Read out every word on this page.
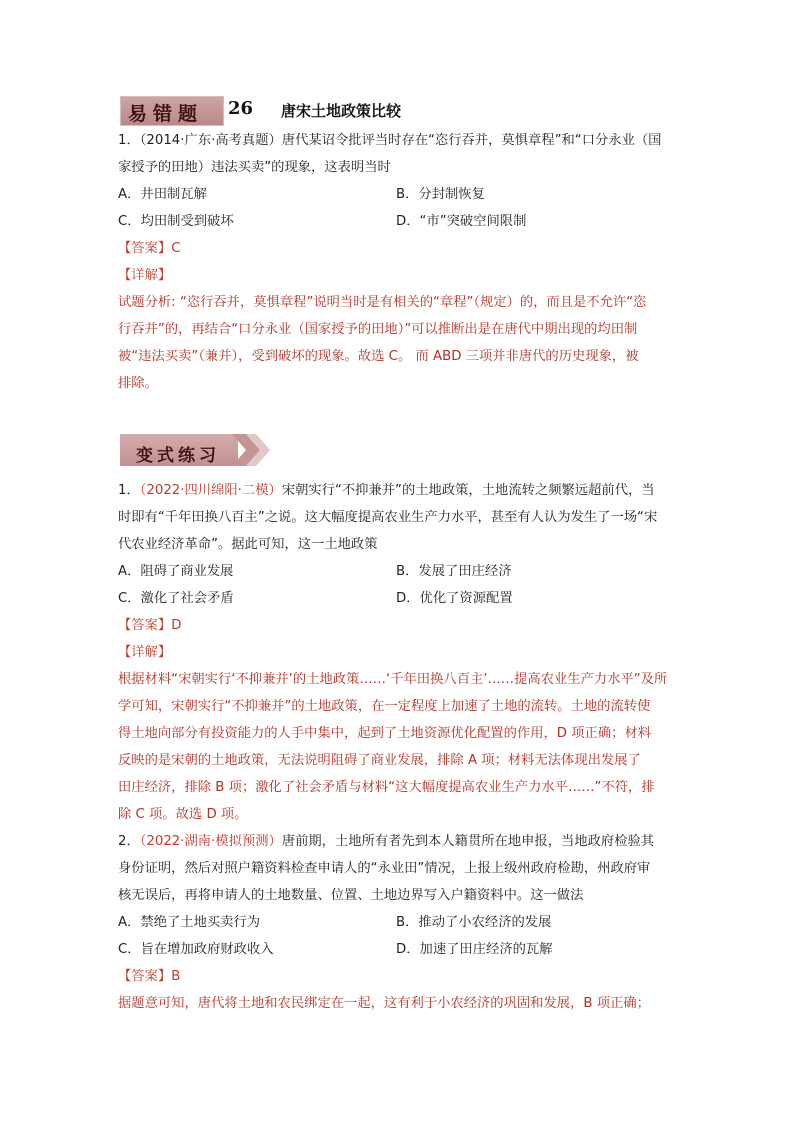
易错题 26 唐宋土地政策比较
1．（2014·广东·高考真题）唐代某诏令批评当时存在“恣行吞并，莫惧章程”和“口分永业（国
家授予的田地）违法买卖”的现象，这表明当时
A．井田制瓦解	B．分封制恢复
C．均田制受到破坏	D．“市”突破空间限制
【答案】C
【详解】
试题分析: “恣行吞并，莫惧章程”说明当时是有相关的“章程”（规定）的，而且是不允许“恣
行吞并”的，再结合“口分永业（国家授予的田地）”可以推断出是在唐代中期出现的均田制
被“违法买卖”（兼并），受到破坏的现象。故选 C。 而 ABD 三项并非唐代的历史现象，被
排除。
变式练习
1．（2022·四川绵阳·二模）宋朝实行“不抑兼并”的土地政策，土地流转之频繁远超前代，当
时即有“千年田换八百主”之说。这大幅度提高农业生产力水平，甚至有人认为发生了一场“宋
代农业经济革命”。据此可知，这一土地政策
A．阻碍了商业发展	B．发展了田庄经济
C．激化了社会矛盾	D．优化了资源配置
【答案】D
【详解】
根据材料“宋朝实行‘不抑兼并’的土地政策……‘千年田换八百主’……提高农业生产力水平”及所
学可知，宋朝实行“不抑兼并”的土地政策，在一定程度上加速了土地的流转。土地的流转使
得土地向部分有投资能力的人手中集中，起到了土地资源优化配置的作用，D 项正确；材料
反映的是宋朝的土地政策，无法说明阻碍了商业发展，排除 A 项；材料无法体现出发展了
田庄经济，排除 B 项；激化了社会矛盾与材料“这大幅度提高农业生产力水平……”不符，排
除 C 项。故选 D 项。
2．（2022·湖南·模拟预测）唐前期，土地所有者先到本人籍贯所在地申报，当地政府检验其
身份证明，然后对照户籍资料检查申请人的“永业田”情况，上报上级州政府检勘，州政府审
核无误后，再将申请人的土地数量、位置、土地边界写入户籍资料中。这一做法
A．禁绝了土地买卖行为	B．推动了小农经济的发展
C．旨在增加政府财政收入	D．加速了田庄经济的瓦解
【答案】B
据题意可知，唐代将土地和农民绑定在一起，这有利于小农经济的巩固和发展，B 项正确；
